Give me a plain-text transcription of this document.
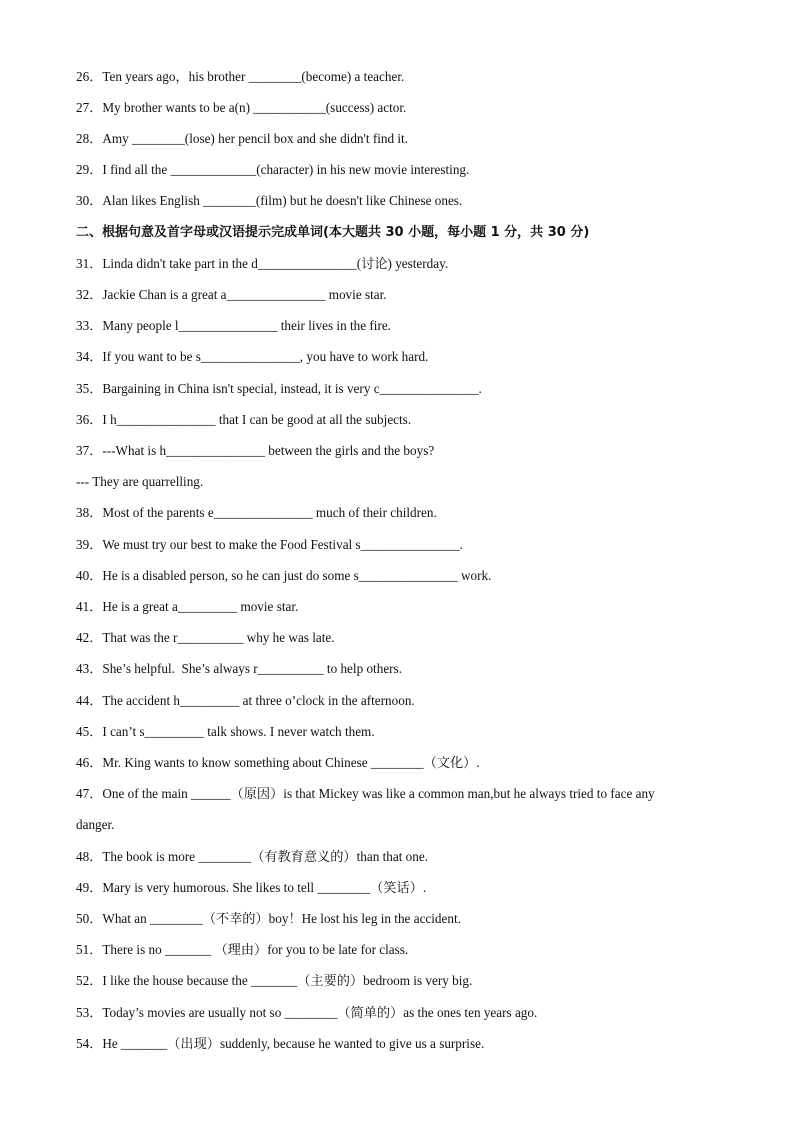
26．Ten years ago，his brother ________(become) a teacher.
27．My brother wants to be a(n) ___________(success) actor.
28．Amy ________(lose) her pencil box and she didn't find it.
29．I find all the _____________(character) in his new movie interesting.
30．Alan likes English ________(film) but he doesn't like Chinese ones.
二、根据句意及首字母或汉语提示完成单词(本大题共 30 小题，每小题 1 分，共 30 分)
31．Linda didn't take part in the d_______________(讨论) yesterday.
32．Jackie Chan is a great a_______________ movie star.
33．Many people l_______________ their lives in the fire.
34．If you want to be s_______________, you have to work hard.
35．Bargaining in China isn't special, instead, it is very c_______________.
36．I h_______________ that I can be good at all the subjects.
37．---What is h_______________ between the girls and the boys?
--- They are quarrelling.
38．Most of the parents e_______________ much of their children.
39．We must try our best to make the Food Festival s_______________.
40．He is a disabled person, so he can just do some s_______________ work.
41．He is a great a_________ movie star.
42．That was the r__________ why he was late.
43．She’s helpful.  She’s always r__________ to help others.
44．The accident h_________ at three o’clock in the afternoon.
45．I can’t s_________ talk shows. I never watch them.
46．Mr. King wants to know something about Chinese ________（文化）.
47．One of the main ______（原因）is that Mickey was like a common man,but he always tried to face any
danger.
48．The book is more ________（有教育意义的）than that one.
49．Mary is very humorous. She likes to tell ________（笑话）.
50．What an ________（不幸的）boy！He lost his leg in the accident.
51．There is no _______ （理由）for you to be late for class.
52．I like the house because the _______（主要的）bedroom is very big.
53．Today’s movies are usually not so ________（简单的）as the ones ten years ago.
54．He _______（出现）suddenly, because he wanted to give us a surprise.
